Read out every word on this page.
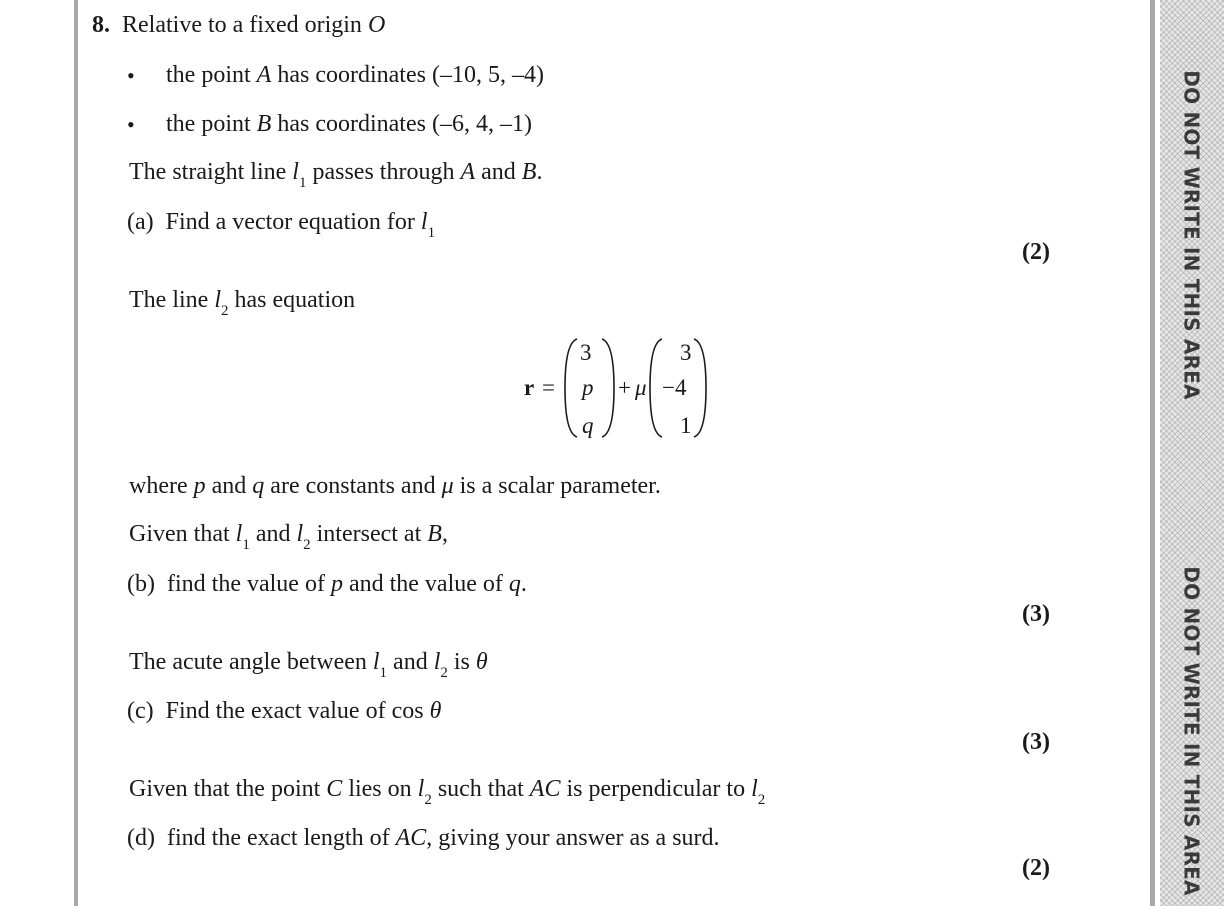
DO NOT WRITE IN THIS AREA
DO NOT WRITE IN THIS AREA
8. Relative to a fixed origin O
• the point A has coordinates (–10, 5, –4)
• the point B has coordinates (–6, 4, –1)
The straight line $l_1$ passes through A and B.
(a) Find a vector equation for $l_1$
(2)
The line $l_2$ has equation
r =
3
p
q
+ μ
3
−4
1
where p and q are constants and μ is a scalar parameter.
Given that $l_1$ and $l_2$ intersect at B,
(b) find the value of p and the value of q.
(3)
The acute angle between $l_1$ and $l_2$ is θ
(c) Find the exact value of cos θ
(3)
Given that the point C lies on $l_2$ such that AC is perpendicular to $l_2$
(d) find the exact length of AC, giving your answer as a surd.
(2)
